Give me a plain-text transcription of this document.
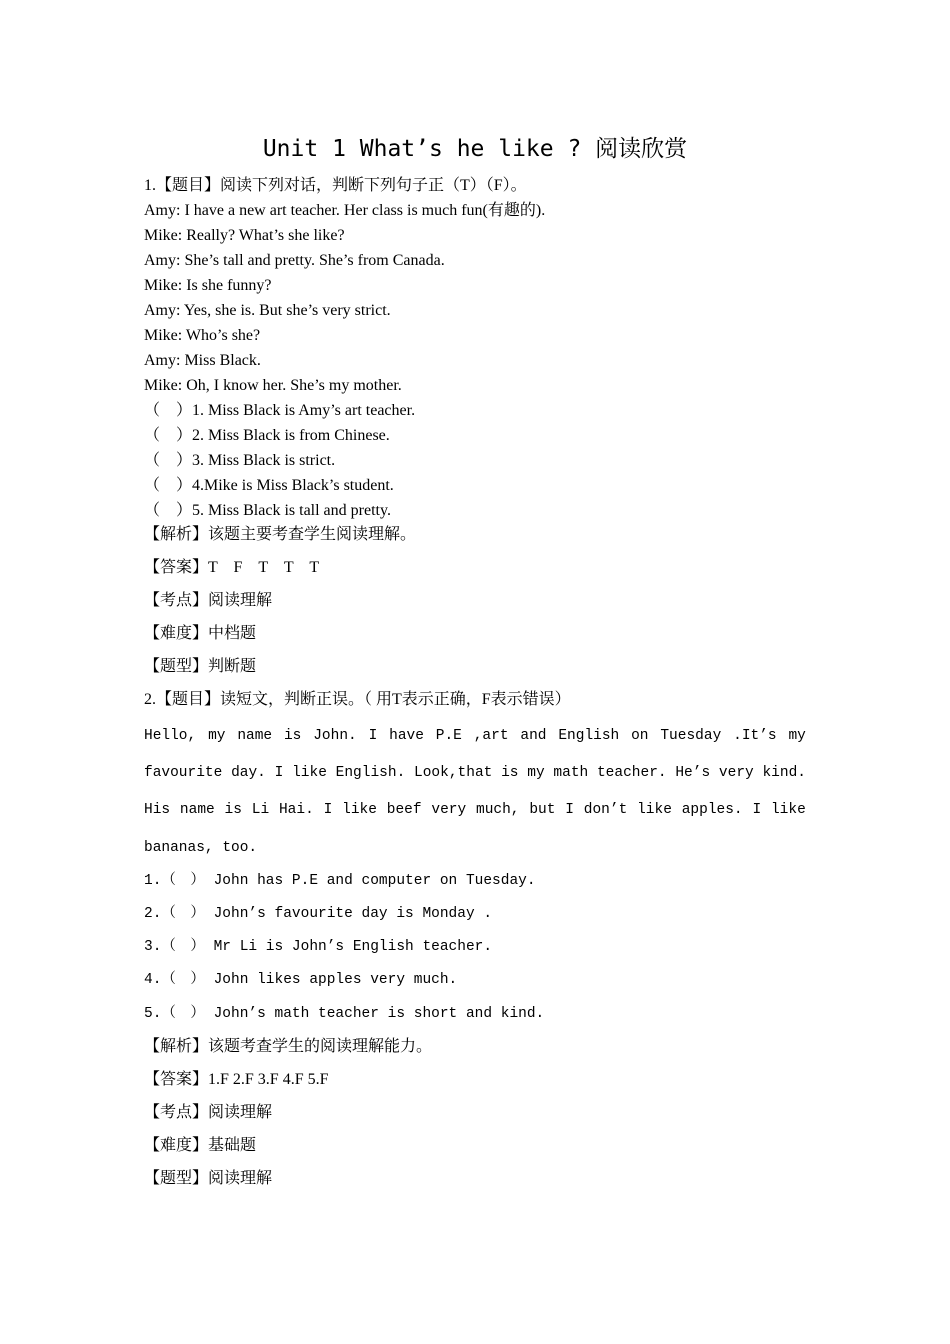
Unit 1 What’s he like ? 阅读欣赏
1.【题目】阅读下列对话，判断下列句子正（T）（F）。
Amy: I have a new art teacher. Her class is much fun(有趣的).
Mike: Really? What’s she like?
Amy: She’s tall and pretty. She’s from Canada.
Mike: Is she funny?
Amy: Yes, she is. But she’s very strict.
Mike: Who’s she?
Amy: Miss Black.
Mike: Oh, I know her. She’s my mother.
（　）1. Miss Black is Amy’s art teacher.
（　）2. Miss Black is from Chinese.
（　）3. Miss Black is strict.
（　）4.Mike is Miss Black’s student.
（　）5. Miss Black is tall and pretty.
【解析】该题主要考查学生阅读理解。
【答案】T　F　T　T　T
【考点】阅读理解
【难度】中档题
【题型】判断题
2.【题目】读短文，判断正误。（ 用T表示正确，F表示错误）
Hello, my name is John. I have P.E ,art and English on Tuesday .It’s my
favourite day. I like English. Look,that is my math teacher. He’s very kind.
His name is Li Hai. I like beef very much, but I don’t like apples. I like
bananas, too.
1.（　） John has P.E and computer on Tuesday.
2.（　） John’s favourite day is Monday .
3.（　） Mr Li is John’s English teacher.
4.（　） John likes apples very much.
5.（　） John’s math teacher is short and kind.
【解析】该题考查学生的阅读理解能力。
【答案】1.F 2.F 3.F 4.F 5.F
【考点】阅读理解
【难度】基础题
【题型】阅读理解
